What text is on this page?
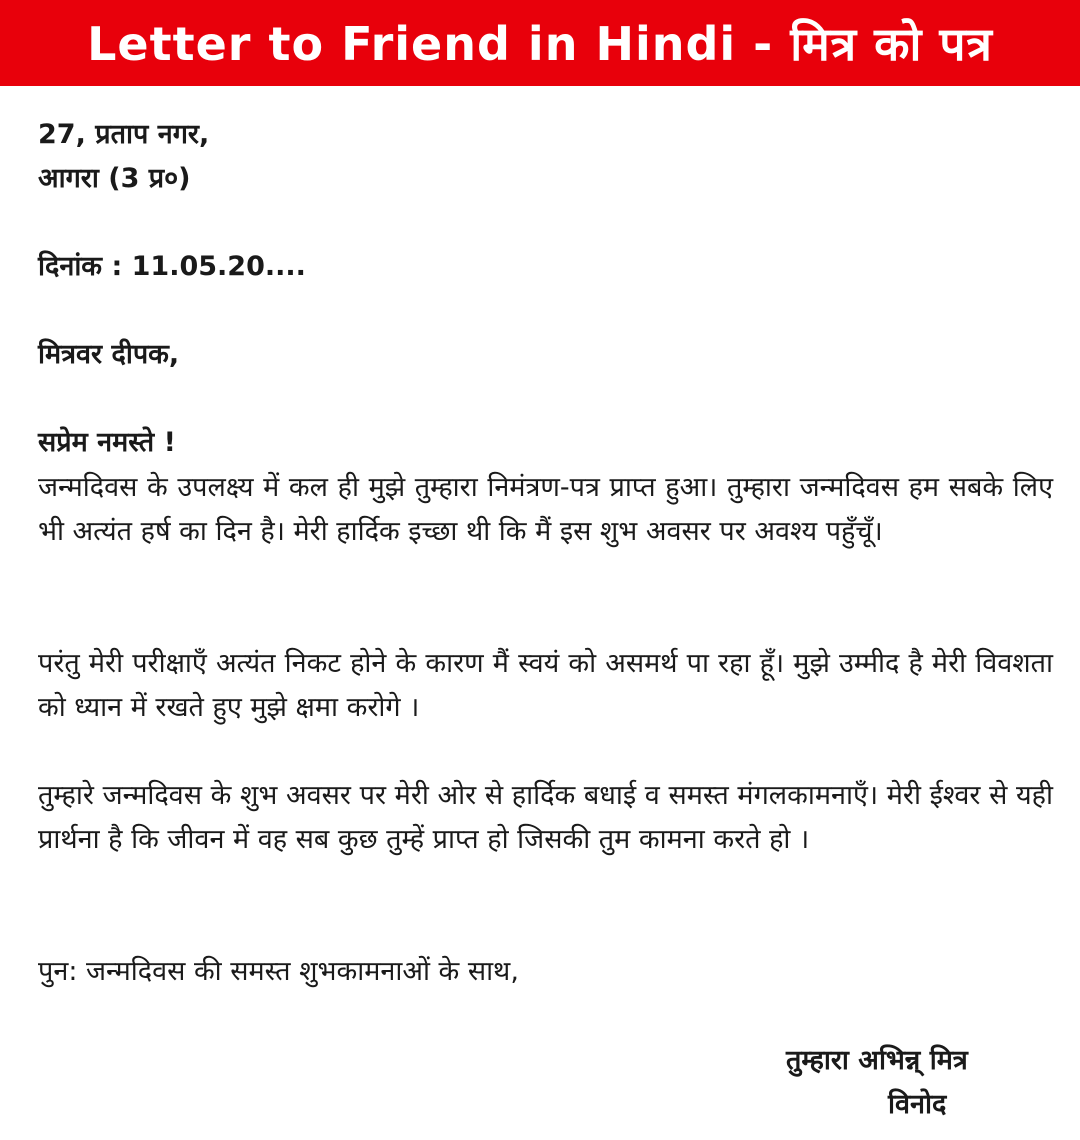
Letter to Friend in Hindi - मित्र को पत्र
27, प्रताप नगर,
आगरा (3 प्र०)
दिनांक : 11.05.20....
मित्रवर दीपक,
सप्रेम नमस्ते !
जन्मदिवस के उपलक्ष्य में कल ही मुझे तुम्हारा निमंत्रण-पत्र प्राप्त हुआ। तुम्हारा जन्मदिवस हम सबके लिए भी अत्यंत हर्ष का दिन है। मेरी हार्दिक इच्छा थी कि मैं इस शुभ अवसर पर अवश्य पहुँचूँ।
परंतु मेरी परीक्षाएँ अत्यंत निकट होने के कारण मैं स्वयं को असमर्थ पा रहा हूँ। मुझे उम्मीद है मेरी विवशता को ध्यान में रखते हुए मुझे क्षमा करोगे ।
तुम्हारे जन्मदिवस के शुभ अवसर पर मेरी ओर से हार्दिक बधाई व समस्त मंगलकामनाएँ। मेरी ईश्वर से यही प्रार्थना है कि जीवन में वह सब कुछ तुम्हें प्राप्त हो जिसकी तुम कामना करते हो ।
पुन: जन्मदिवस की समस्त शुभकामनाओं के साथ,
तुम्हारा अभिन्न् मित्र
विनोद
